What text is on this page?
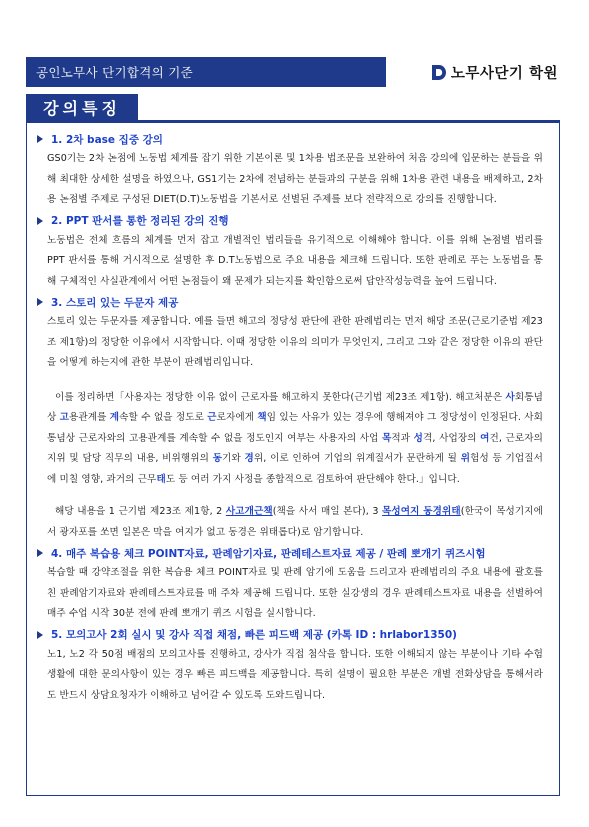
공인노무사 단기합격의 기준	노무사단기 학원
강의특징
1. 2차 base 집중 강의

GS0기는 2차 논점에 노동법 체계를 잡기 위한 기본이론 및 1차용 법조문을 보완하여 처음 강의에 입문하는 분들을 위해 최대한 상세한 설명을 하였으나, GS1기는 2차에 전념하는 분들과의 구분을 위해 1차용 관련 내용을 배제하고, 2차용 논점별 주제로 구성된 DIET(D.T)노동법을 기본서로 선별된 주제를 보다 전략적으로 강의를 진행합니다.

2. PPT 판서를 통한 정리된 강의 진행

노동법은 전체 흐름의 체계를 먼저 잡고 개별적인 법리들을 유기적으로 이해해야 합니다. 이를 위해 논점별 법리를 PPT 판서를 통해 거시적으로 설명한 후 D.T노동법으로 주요 내용을 체크해 드립니다. 또한 판례로 푸는 노동법을 통해 구체적인 사실관계에서 어떤 논점들이 왜 문제가 되는지를 확인함으로써 답안작성능력을 높여 드립니다.

3. 스토리 있는 두문자 제공

스토리 있는 두문자를 제공합니다. 예를 들면 해고의 정당성 판단에 관한 판례법리는 먼저 해당 조문(근로기준법 제23조 제1항)의 정당한 이유에서 시작합니다. 이때 정당한 이유의 의미가 무엇인지, 그리고 그와 같은 정당한 이유의 판단을 어떻게 하는지에 관한 부분이 판례법리입니다.

이를 정리하면「사용자는 정당한 이유 없이 근로자를 해고하지 못한다(근기법 제23조 제1항). 해고처분은 사회통념상 고용관계를 계속할 수 없을 정도로 근로자에게 책임 있는 사유가 있는 경우에 행해져야 그 정당성이 인정된다. 사회통념상 근로자와의 고용관계를 계속할 수 없을 정도인지 여부는 사용자의 사업 목적과 성격, 사업장의 여건, 근로자의 지위 및 담당 직무의 내용, 비위행위의 동기와 경위, 이로 인하여 기업의 위계질서가 문란하게 될 위험성 등 기업질서에 미칠 영향, 과거의 근무태도 등 여러 가지 사정을 종합적으로 검토하여 판단해야 한다.」입니다.

해당 내용을 1 근기법 제23조 제1항, 2 사고개근책(책을 사서 매일 본다), 3 목성여지 동경위태(한국이 목성기지에서 광자포를 쏘면 일본은 막을 여지가 없고 동경은 위태롭다)로 암기합니다.

4. 매주 복습용 체크 POINT자료, 판례암기자료, 판례테스트자료 제공 / 판례 뽀개기 퀴즈시험

복습할 때 강약조절을 위한 복습용 체크 POINT자료 및 판례 암기에 도움을 드리고자 판례법리의 주요 내용에 괄호를 친 판례암기자료와 판례테스트자료를 매 주차 제공해 드립니다. 또한 실강생의 경우 판례테스트자료 내용을 선별하여 매주 수업 시작 30분 전에 판례 뽀개기 퀴즈 시험을 실시합니다.

5. 모의고사 2회 실시 및 강사 직접 채점, 빠른 피드백 제공 (카톡 ID : hrlabor1350)

노1, 노2 각 50점 배점의 모의고사를 진행하고, 강사가 직접 첨삭을 합니다. 또한 이해되지 않는 부분이나 기타 수험생활에 대한 문의사항이 있는 경우 빠른 피드백을 제공합니다. 특히 설명이 필요한 부분은 개별 전화상담을 통해서라도 반드시 상담요청자가 이해하고 넘어갈 수 있도록 도와드립니다.
